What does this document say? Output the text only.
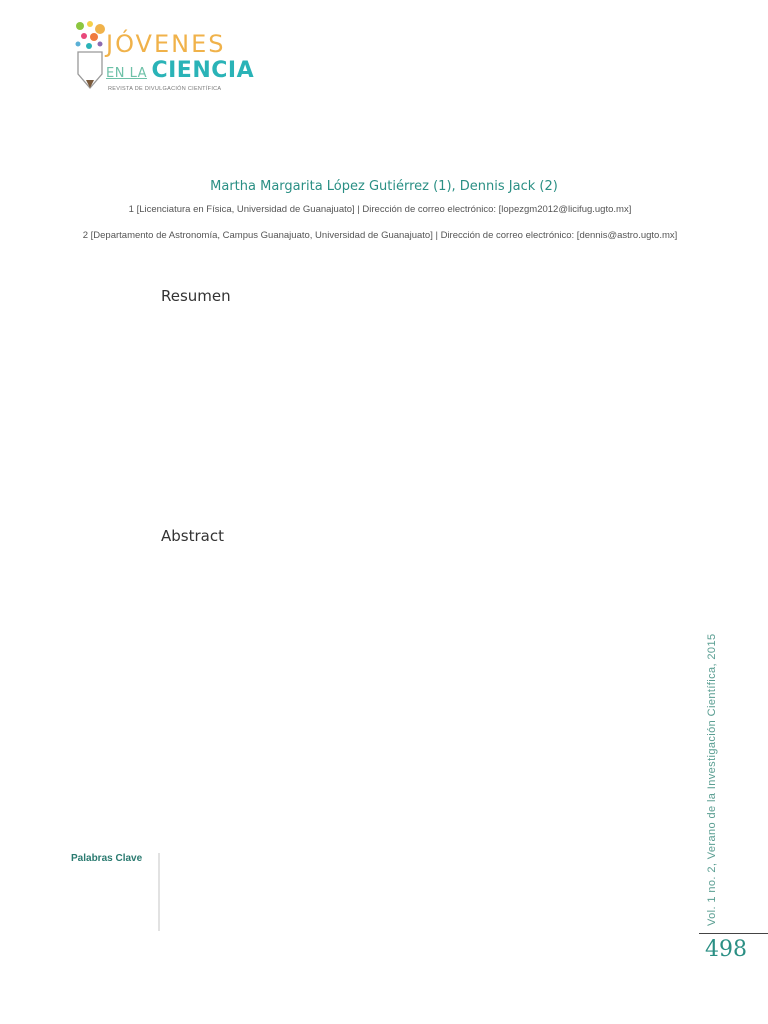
JÓVENES
EN LA CIENCIA
REVISTA DE DIVULGACIÓN CIENTÍFICA
Martha Margarita López Gutiérrez (1), Dennis Jack (2)
1 [Licenciatura en Física, Universidad de Guanajuato] | Dirección de correo electrónico: [lopezgm2012@licifug.ugto.mx]
2 [Departamento de Astronomía, Campus Guanajuato, Universidad de Guanajuato] | Dirección de correo electrónico: [dennis@astro.ugto.mx]
Resumen
Abstract
Palabras Clave	Vol. 1 no. 2, Verano de la Investigación Científica, 2015
498
